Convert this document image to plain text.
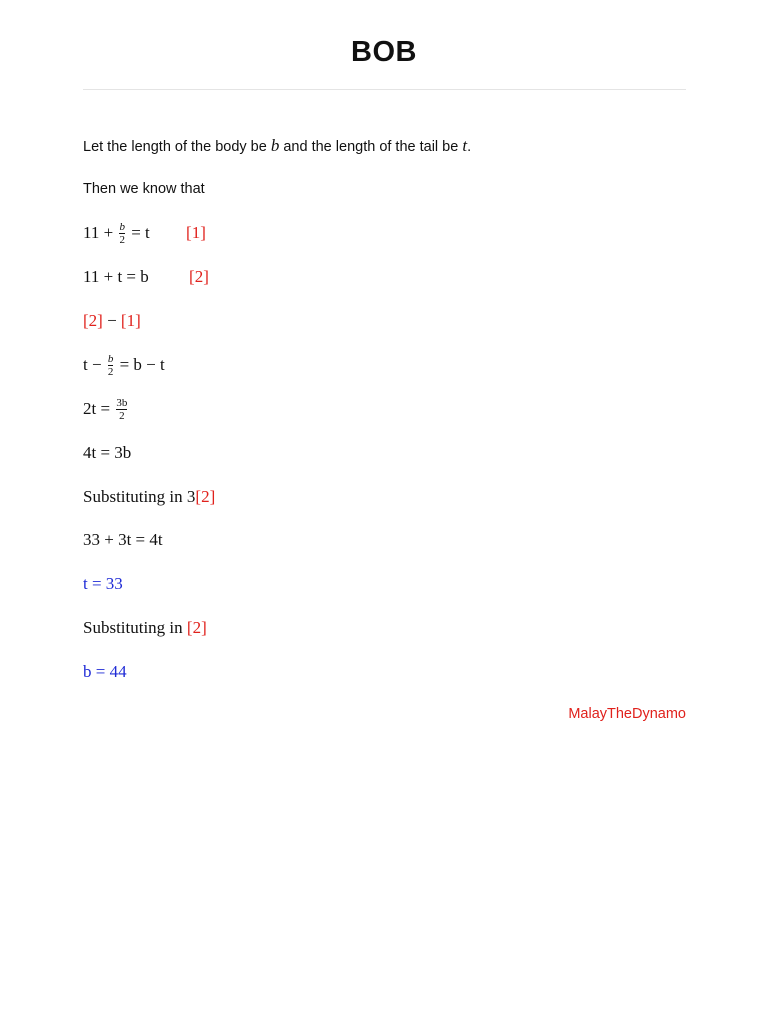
BOB
Let the length of the body be b and the length of the tail be t.
Then we know that
$11 + \frac{b}{2} = t$ [1]
11 + t = b [2]
[2] − [1]
$t - \frac{b}{2} = b - t$
$2t = \frac{3b}{2}$
4t = 3b
Substituting in 3[2]
33 + 3t = 4t
t = 33
Substituting in [2]
b = 44
MalayTheDynamo
